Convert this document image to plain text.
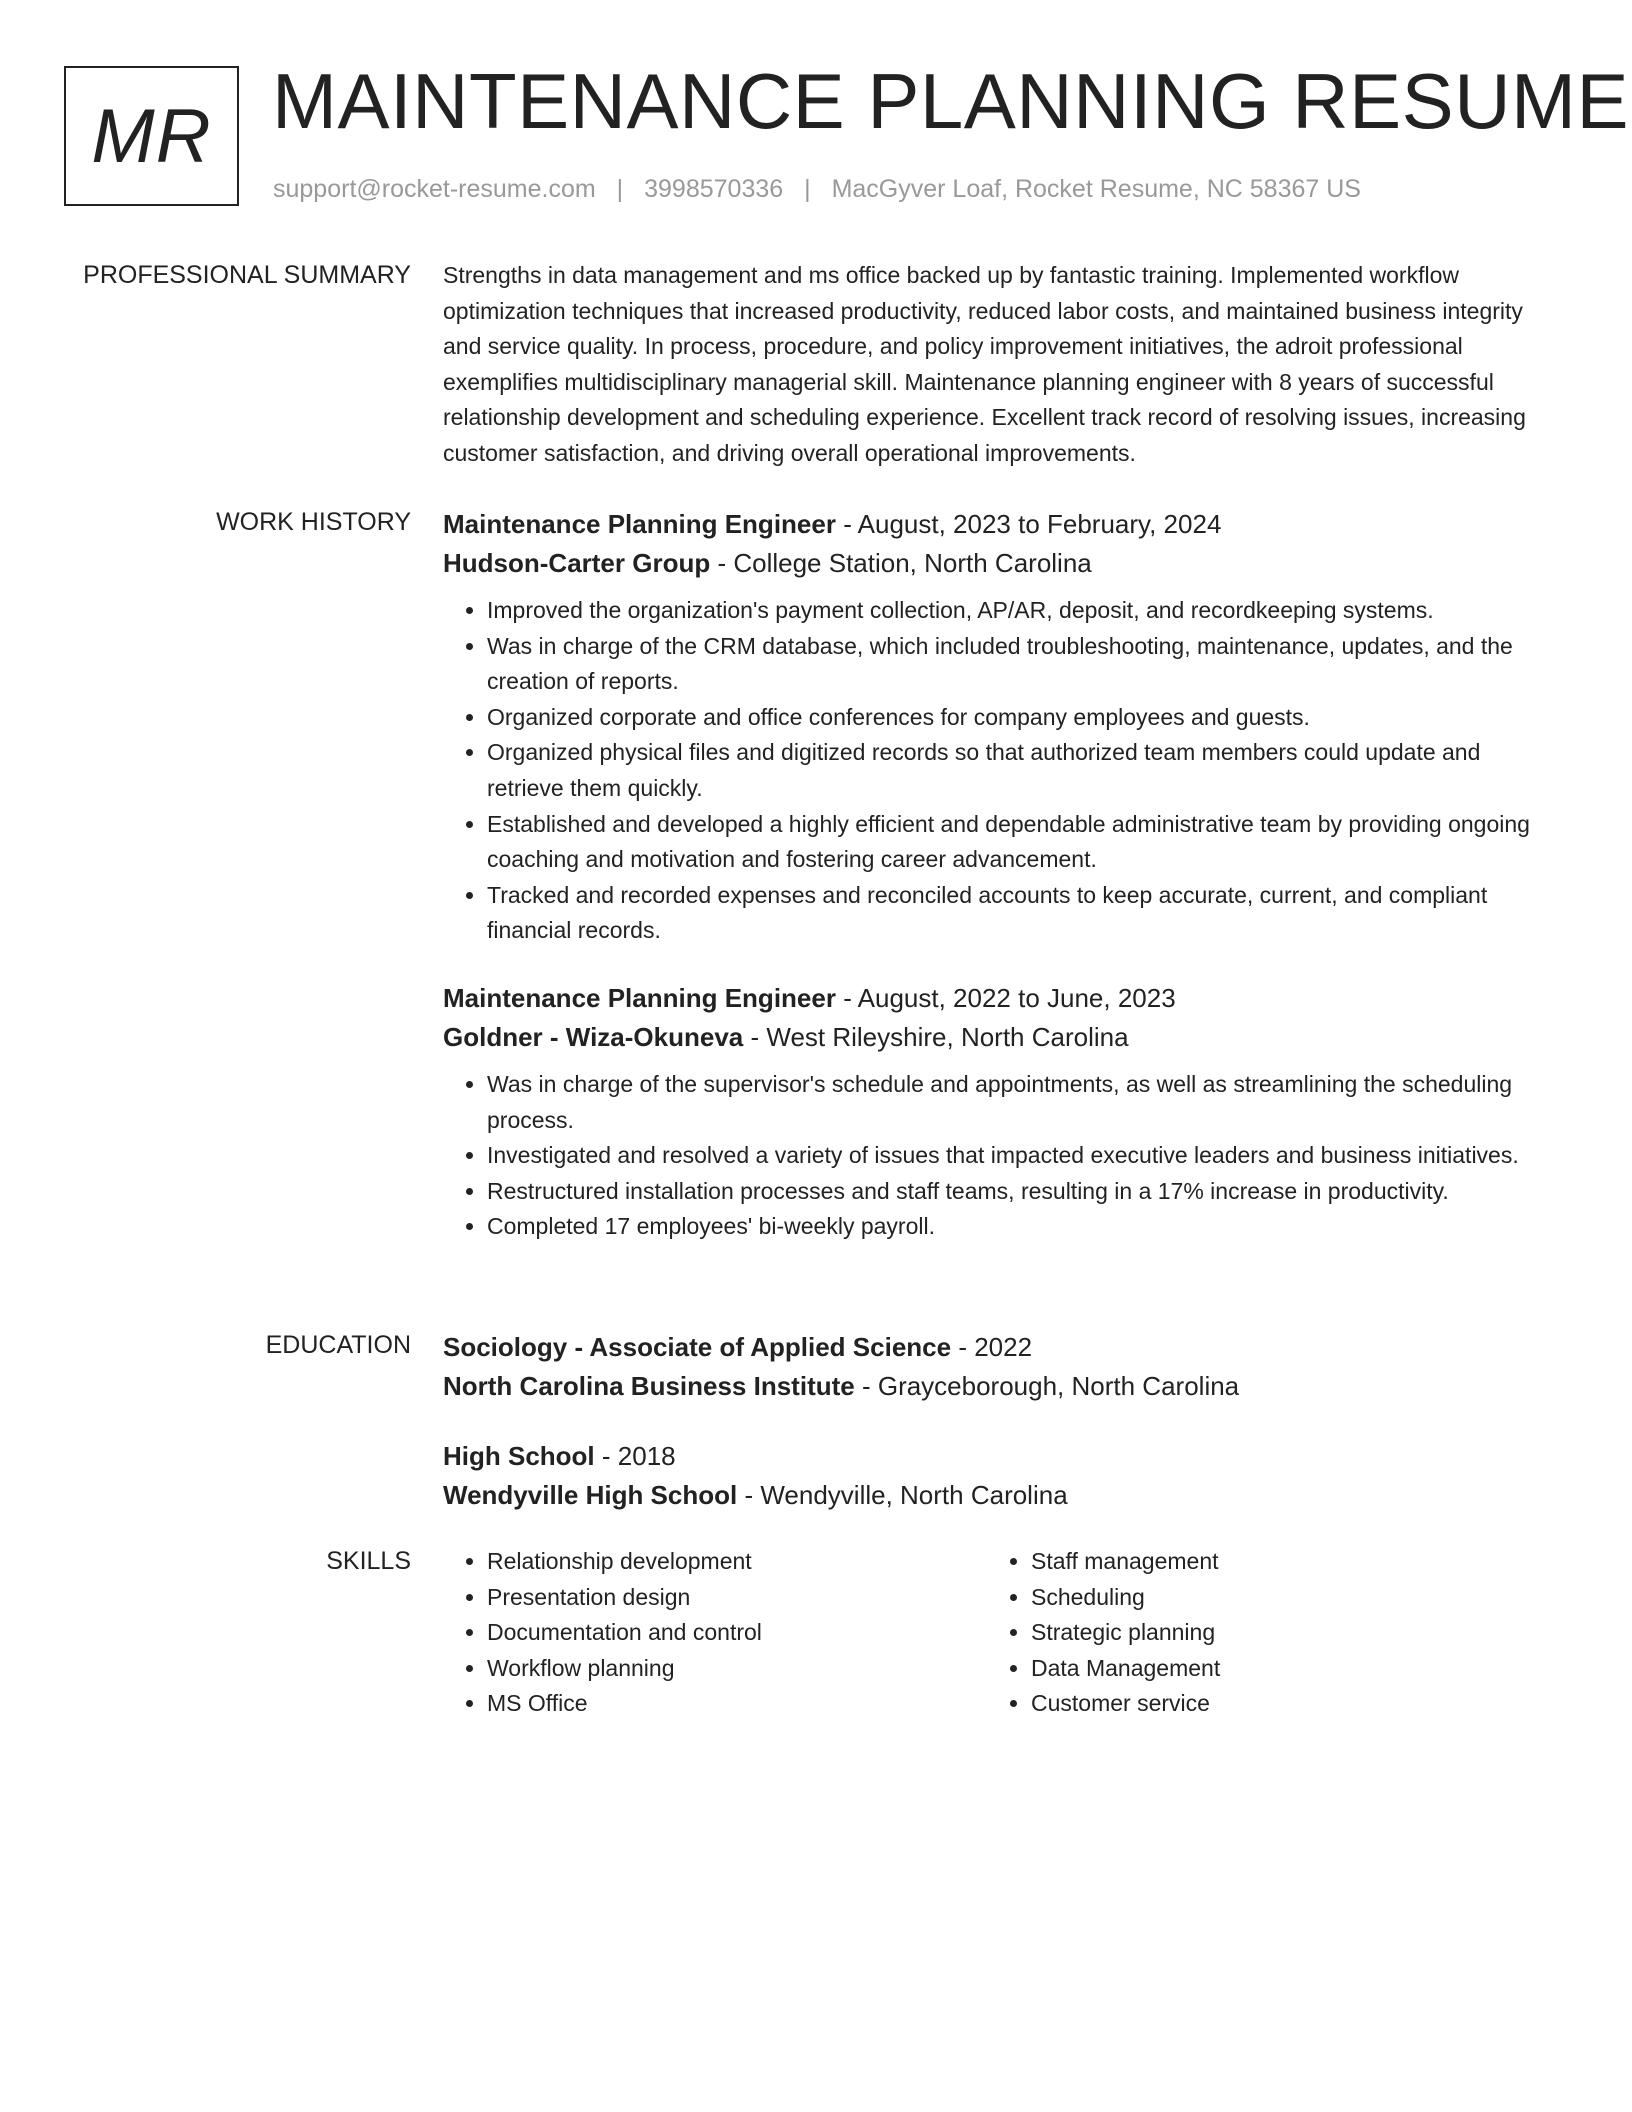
MR MAINTENANCE PLANNING RESUME
support@rocket-resume.com | 3998570336 | MacGyver Loaf, Rocket Resume, NC 58367 US
PROFESSIONAL SUMMARY Strengths in data management and ms office backed up by fantastic training. Implemented workflow optimization techniques that increased productivity, reduced labor costs, and maintained business integrity and service quality. In process, procedure, and policy improvement initiatives, the adroit professional exemplifies multidisciplinary managerial skill. Maintenance planning engineer with 8 years of successful relationship development and scheduling experience. Excellent track record of resolving issues, increasing customer satisfaction, and driving overall operational improvements.

WORK HISTORY Maintenance Planning Engineer - August, 2023 to February, 2024
Hudson-Carter Group - College Station, North Carolina
• Improved the organization's payment collection, AP/AR, deposit, and recordkeeping systems.
• Was in charge of the CRM database, which included troubleshooting, maintenance, updates, and the creation of reports.
• Organized corporate and office conferences for company employees and guests.
• Organized physical files and digitized records so that authorized team members could update and retrieve them quickly.
• Established and developed a highly efficient and dependable administrative team by providing ongoing coaching and motivation and fostering career advancement.
• Tracked and recorded expenses and reconciled accounts to keep accurate, current, and compliant financial records.
Maintenance Planning Engineer - August, 2022 to June, 2023
Goldner - Wiza-Okuneva - West Rileyshire, North Carolina
• Was in charge of the supervisor's schedule and appointments, as well as streamlining the scheduling process.
• Investigated and resolved a variety of issues that impacted executive leaders and business initiatives.
• Restructured installation processes and staff teams, resulting in a 17% increase in productivity.
• Completed 17 employees' bi-weekly payroll.
EDUCATION Sociology - Associate of Applied Science - 2022
North Carolina Business Institute - Grayceborough, North Carolina
High School - 2018
Wendyville High School - Wendyville, North Carolina
SKILLS
•	Relationship development
• Presentation design
• Documentation and control
• Workflow planning
• MS Office
• Staff management
• Scheduling
• Strategic planning
• Data Management
• Customer service
